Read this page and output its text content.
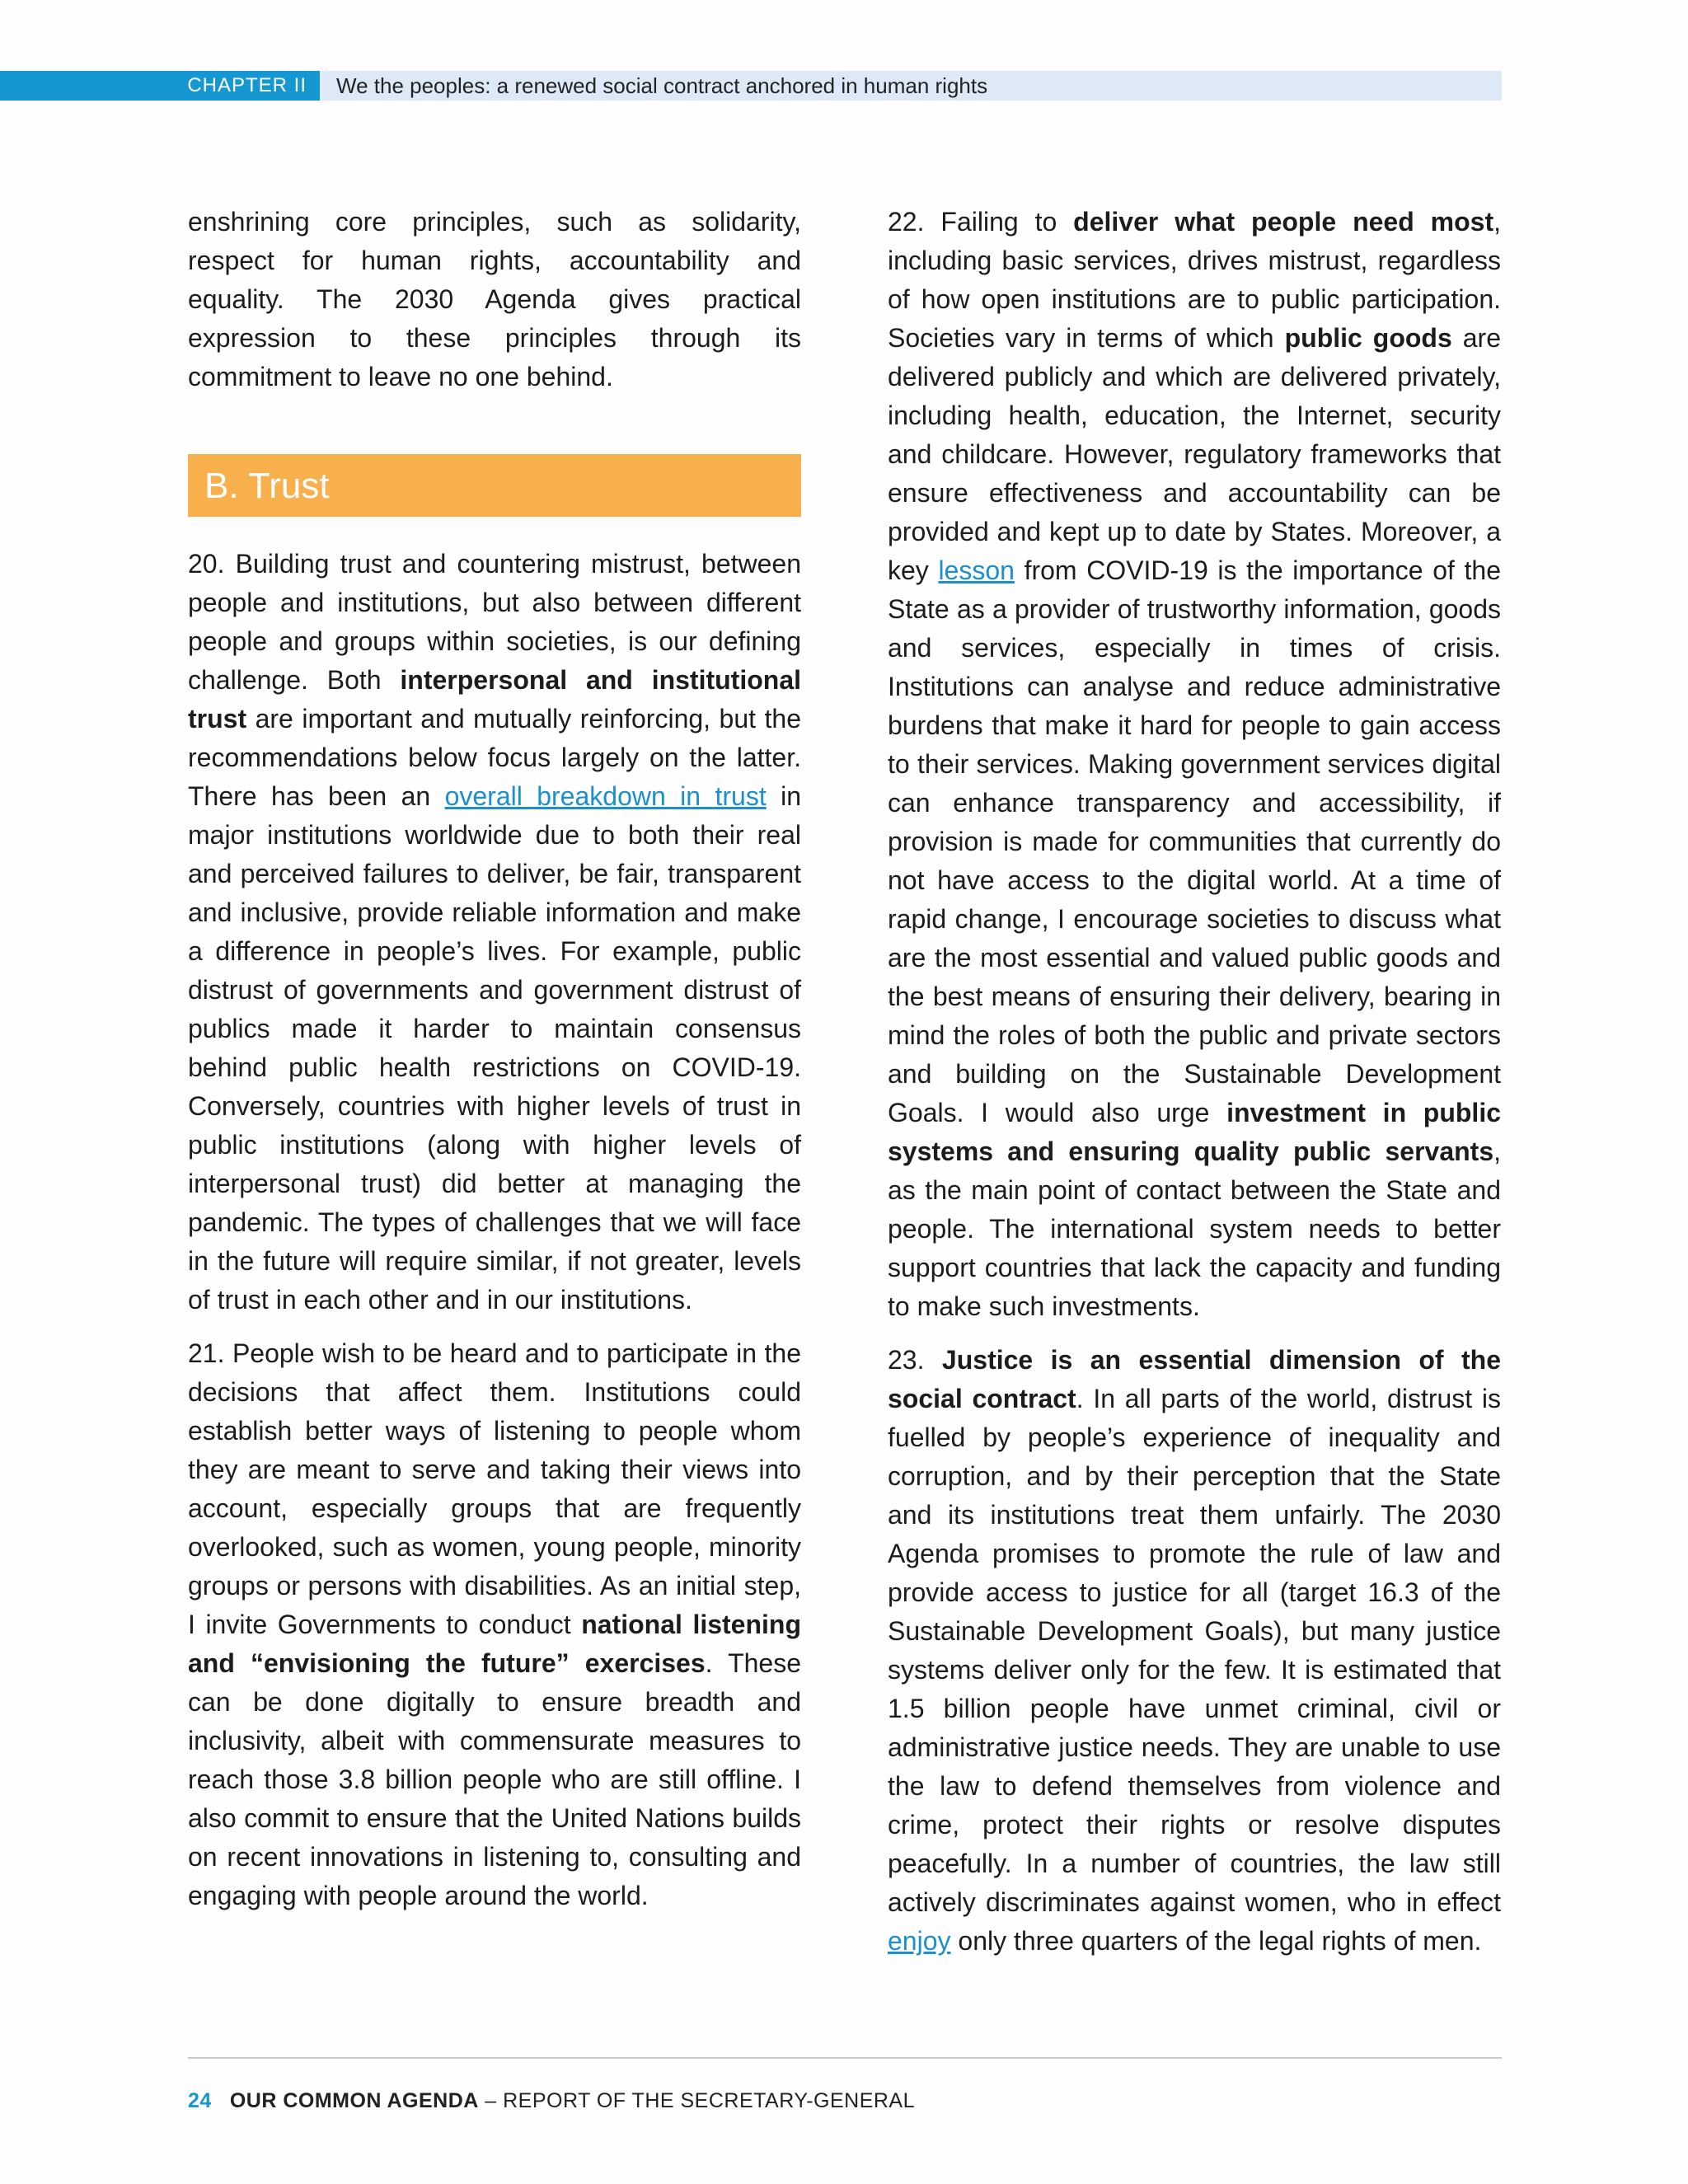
CHAPTER II	We the peoples: a renewed social contract anchored in human rights

enshrining core principles, such as solidarity, respect for human rights, accountability and equality. The 2030 Agenda gives practical expression to these principles through its commitment to leave no one behind.

B. Trust

20. Building trust and countering mistrust, between people and institutions, but also between different people and groups within societies, is our defining challenge. Both interpersonal and institutional trust are important and mutually reinforcing, but the recommendations below focus largely on the latter. There has been an overall breakdown in trust in major institutions worldwide due to both their real and perceived failures to deliver, be fair, transparent and inclusive, provide reliable information and make a difference in people’s lives. For example, public distrust of governments and government distrust of publics made it harder to maintain consensus behind public health restrictions on COVID-19. Conversely, countries with higher levels of trust in public institutions (along with higher levels of interpersonal trust) did better at managing the pandemic. The types of challenges that we will face in the future will require similar, if not greater, levels of trust in each other and in our institutions.

21. People wish to be heard and to participate in the decisions that affect them. Institutions could establish better ways of listening to people whom they are meant to serve and taking their views into account, especially groups that are frequently overlooked, such as women, young people, minority groups or persons with disabilities. As an initial step, I invite Governments to conduct national listening and “envisioning the future” exercises. These can be done digitally to ensure breadth and inclusivity, albeit with commensurate measures to reach those 3.8 billion people who are still offline. I also commit to ensure that the United Nations builds on recent innovations in listening to, consulting and engaging with people around the world.

22. Failing to deliver what people need most, including basic services, drives mistrust, regardless of how open institutions are to public participation. Societies vary in terms of which public goods are delivered publicly and which are delivered privately, including health, education, the Internet, security and childcare. However, regulatory frameworks that ensure effectiveness and accountability can be provided and kept up to date by States. Moreover, a key lesson from COVID-19 is the importance of the State as a provider of trustworthy information, goods and services, especially in times of crisis. Institutions can analyse and reduce administrative burdens that make it hard for people to gain access to their services. Making government services digital can enhance transparency and accessibility, if provision is made for communities that currently do not have access to the digital world. At a time of rapid change, I encourage societies to discuss what are the most essential and valued public goods and the best means of ensuring their delivery, bearing in mind the roles of both the public and private sectors and building on the Sustainable Development Goals. I would also urge investment in public systems and ensuring quality public servants, as the main point of contact between the State and people. The international system needs to better support countries that lack the capacity and funding to make such investments.

23. Justice is an essential dimension of the social contract. In all parts of the world, distrust is fuelled by people’s experience of inequality and corruption, and by their perception that the State and its institutions treat them unfairly. The 2030 Agenda promises to promote the rule of law and provide access to justice for all (target 16.3 of the Sustainable Development Goals), but many justice systems deliver only for the few. It is estimated that 1.5 billion people have unmet criminal, civil or administrative justice needs. They are unable to use the law to defend themselves from violence and crime, protect their rights or resolve disputes peacefully. In a number of countries, the law still actively discriminates against women, who in effect enjoy only three quarters of the legal rights of men.

24 OUR COMMON AGENDA – REPORT OF THE SECRETARY-GENERAL
